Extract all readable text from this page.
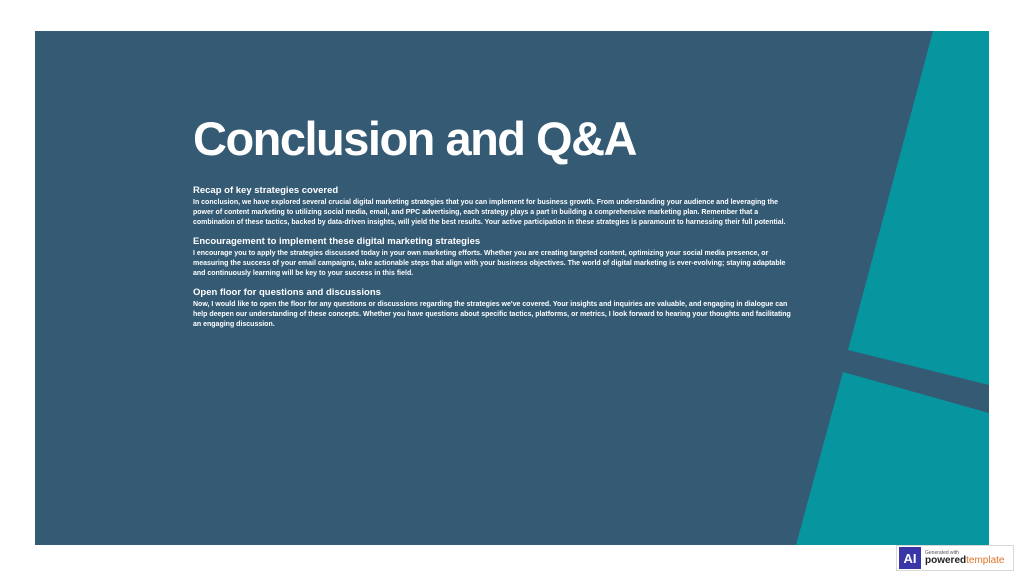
Conclusion and Q&A
Recap of key strategies covered

In conclusion, we have explored several crucial digital marketing strategies that you can implement for business growth. From understanding your audience and leveraging the power of content marketing to utilizing social media, email, and PPC advertising, each strategy plays a part in building a comprehensive marketing plan. Remember that a combination of these tactics, backed by data-driven insights, will yield the best results. Your active participation in these strategies is paramount to harnessing their full potential.

Encouragement to implement these digital marketing strategies

I encourage you to apply the strategies discussed today in your own marketing efforts. Whether you are creating targeted content, optimizing your social media presence, or measuring the success of your email campaigns, take actionable steps that align with your business objectives. The world of digital marketing is ever-evolving; staying adaptable and continuously learning will be key to your success in this field.

Open floor for questions and discussions

Now, I would like to open the floor for any questions or discussions regarding the strategies we've covered. Your insights and inquiries are valuable, and engaging in dialogue can help deepen our understanding of these concepts. Whether you have questions about specific tactics, platforms, or metrics, I look forward to hearing your thoughts and facilitating an engaging discussion.

AI	Generated with
poweredtemplate
